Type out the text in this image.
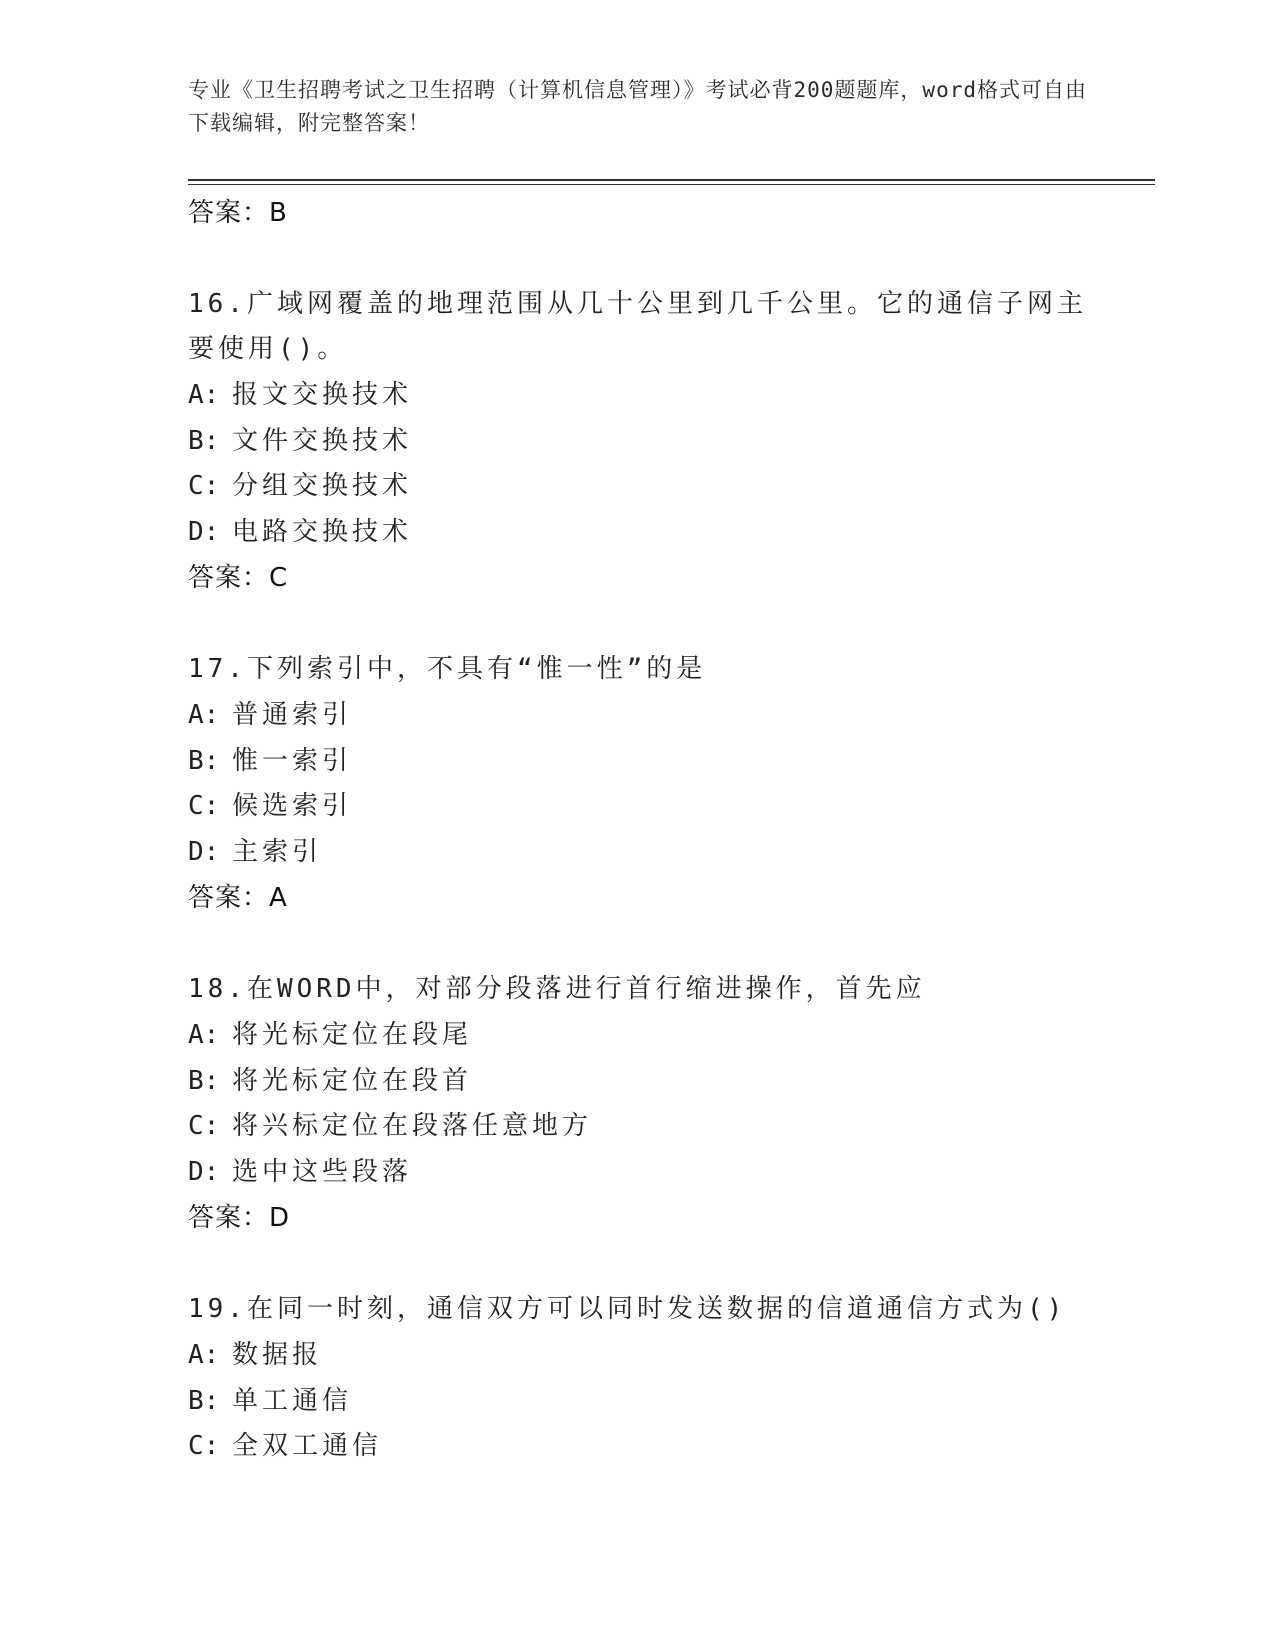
专业《卫生招聘考试之卫生招聘（计算机信息管理）》考试必背200题题库，word格式可自由下载编辑，附完整答案！
答案：B
16.广域网覆盖的地理范围从几十公里到几千公里。它的通信子网主要使用()。
A: 报文交换技术
B: 文件交换技术
C: 分组交换技术
D: 电路交换技术
答案：C
17.下列索引中，不具有“惟一性”的是
A: 普通索引
B: 惟一索引
C: 候选索引
D: 主索引
答案：A
18.在WORD中，对部分段落进行首行缩进操作，首先应
A: 将光标定位在段尾
B: 将光标定位在段首
C: 将兴标定位在段落任意地方
D: 选中这些段落
答案：D
19.在同一时刻，通信双方可以同时发送数据的信道通信方式为()
A: 数据报
B: 单工通信
C: 全双工通信
